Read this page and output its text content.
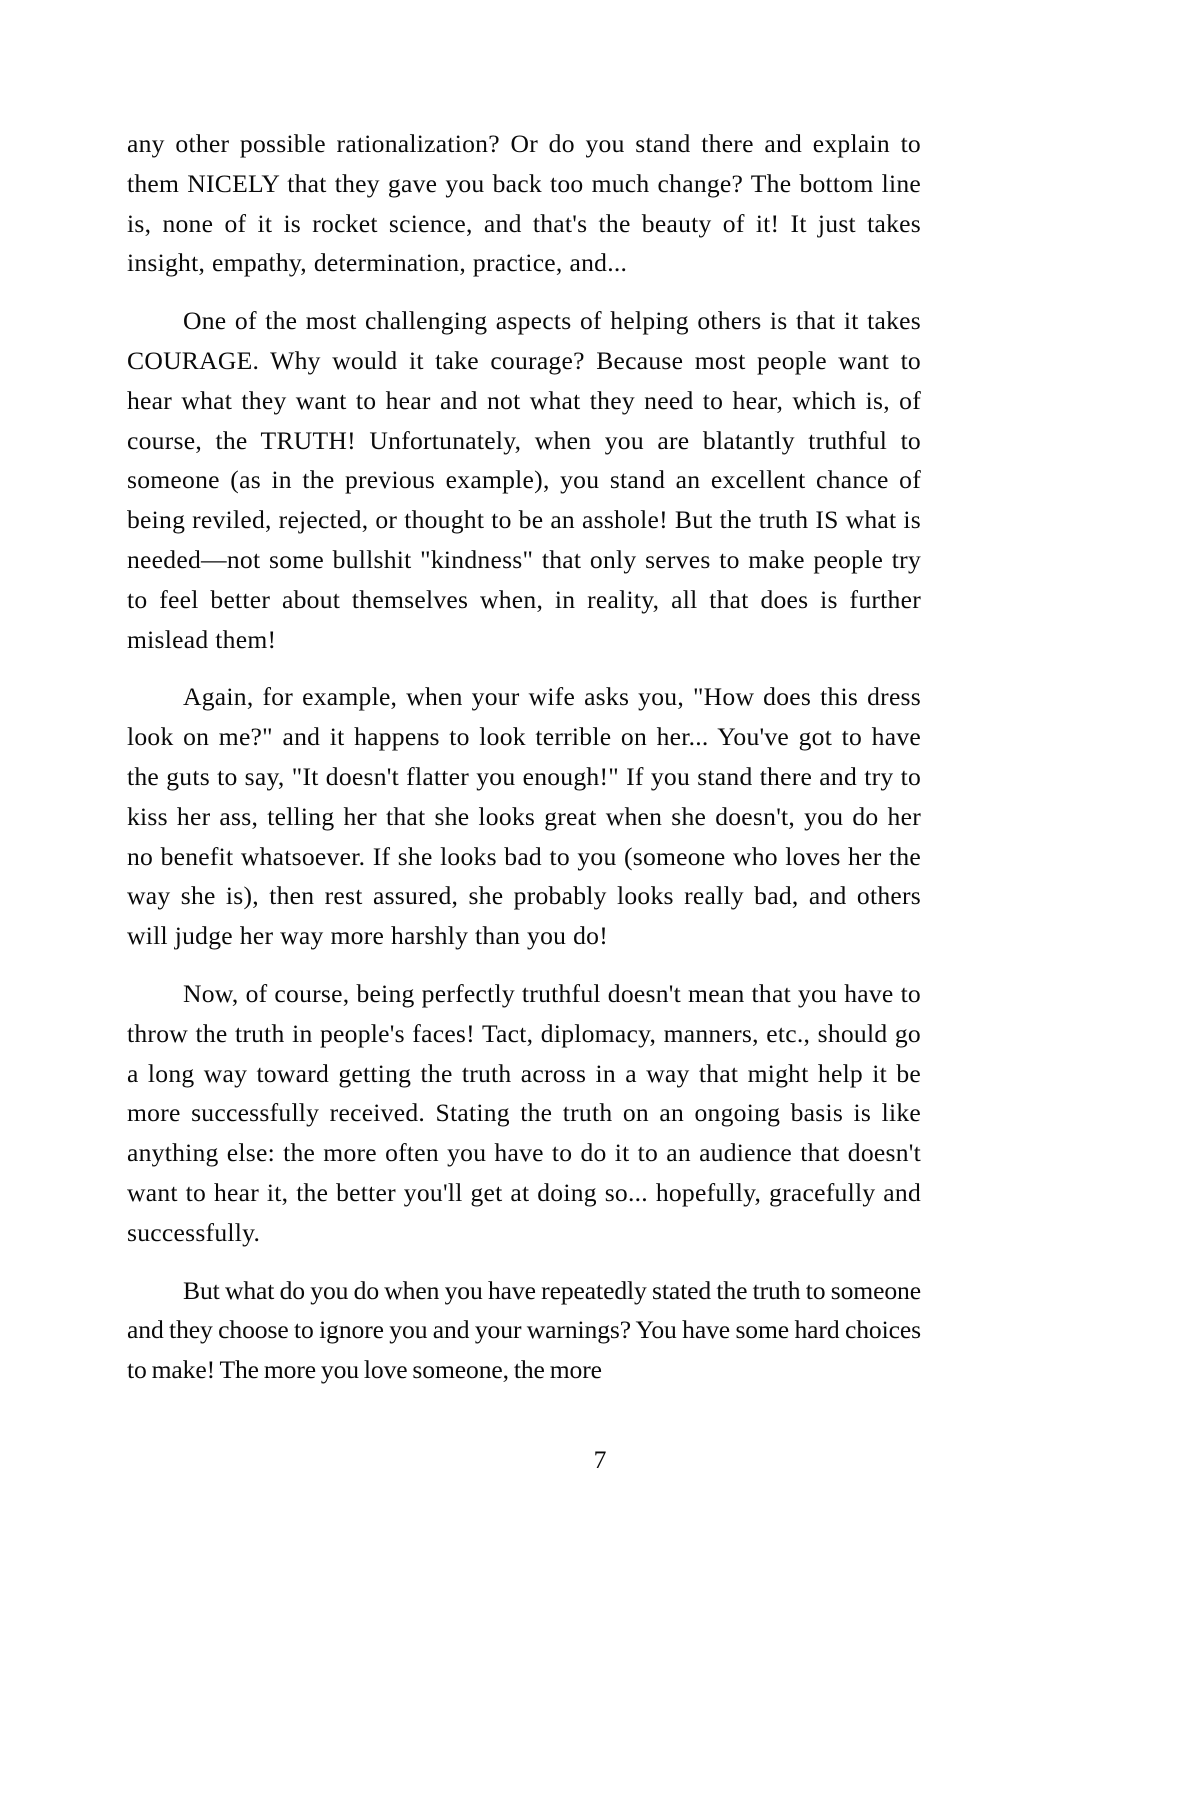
any other possible rationalization? Or do you stand there and explain to them NICELY that they gave you back too much change? The bottom line is, none of it is rocket science, and that's the beauty of it! It just takes insight, empathy, determination, practice, and...

One of the most challenging aspects of helping others is that it takes COURAGE. Why would it take courage? Because most people want to hear what they want to hear and not what they need to hear, which is, of course, the TRUTH! Unfortunately, when you are blatantly truthful to someone (as in the previous example), you stand an excellent chance of being reviled, rejected, or thought to be an asshole! But the truth IS what is needed—not some bullshit "kindness" that only serves to make people try to feel better about themselves when, in reality, all that does is further mislead them!

Again, for example, when your wife asks you, "How does this dress look on me?" and it happens to look terrible on her... You've got to have the guts to say, "It doesn't flatter you enough!" If you stand there and try to kiss her ass, telling her that she looks great when she doesn't, you do her no benefit whatsoever. If she looks bad to you (someone who loves her the way she is), then rest assured, she probably looks really bad, and others will judge her way more harshly than you do!

Now, of course, being perfectly truthful doesn't mean that you have to throw the truth in people's faces! Tact, diplomacy, manners, etc., should go a long way toward getting the truth across in a way that might help it be more successfully received. Stating the truth on an ongoing basis is like anything else: the more often you have to do it to an audience that doesn't want to hear it, the better you'll get at doing so... hopefully, gracefully and successfully.

But what do you do when you have repeatedly stated the truth to someone and they choose to ignore you and your warnings? You have some hard choices to make! The more you love someone, the more

7
